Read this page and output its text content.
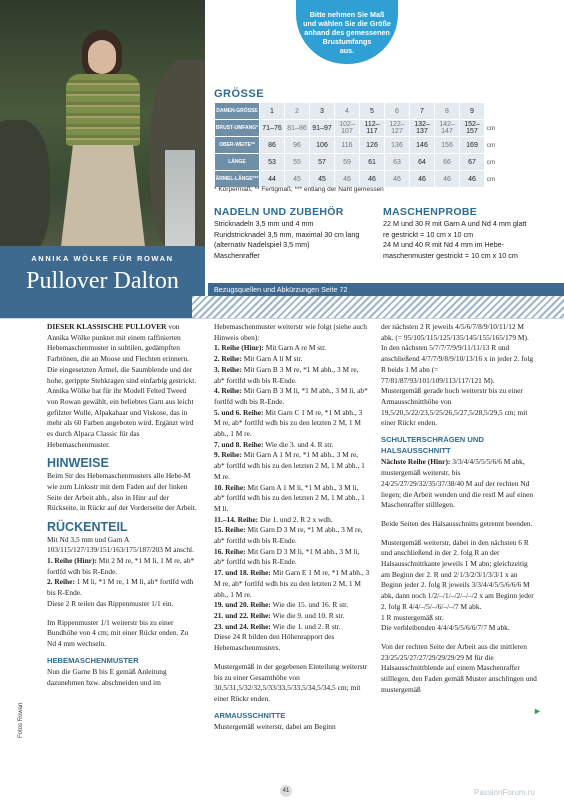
ANNIKA WÖLKE FÜR ROWAN
Pullover Dalton
Bitte nehmen Sie Maß
und wählen Sie die Größe
anhand des gemessenen
Brustumfangs
aus.
GRÖSSE
DAMEN-GRÖSSE	1	2	3	4	5	6	7	8	9	
BRUST-UMFANG*	71–76	81–86	91–97	102–107	112–117	122–127	132–137	142–147	152–157	cm
OBER-WEITE**	86	96	106	116	126	136	146	156	169	cm
LÄNGE	53	55	57	59	61	63	64	66	67	cm
ÄRMEL-LÄNGE***	44	45	45	46	46	46	46	46	46	cm
* Körpermaß; ** Fertigmaß; *** entlang der Naht gemessen
NADELN UND ZUBEHÖR
Stricknadeln 3,5 mm und 4 mm
Rundstricknadel 3,5 mm, maximal 30 cm lang
(alternativ Nadelspiel 3,5 mm)
Maschenraffer
MASCHENPROBE
22 M und 30 R mit Garn A und Nd 4 mm glatt
re gestrickt = 10 cm x 10 cm
24 M und 40 R mit Nd 4 mm im Hebe-
maschenmuster gestrickt = 10 cm x 10 cm
Bezugsquellen und Abkürzungen Seite 72

DIESER KLASSISCHE PULLOVER von Annika Wölke punktet mit einem raffinierten Hebemaschenmuster in subtilen, gedämpften Farbtönen, die an Moose und Flechten erinnern. Die eingesetzten Ärmel, die Saumblende und der hohe, gerippte Stehkragen sind einfarbig gestrickt. Annika Wölke hat für ihr Modell Felted Tweed von Rowan gewählt, ein beliebtes Garn aus leicht gefilzter Wolle, Alpakahaar und Viskose, das in mehr als 60 Farben angeboten wird. Ergänzt wird es durch Alpaca Classic für das Hebemaschenmuster.

HINWEISE

Beim Str des Hebemaschenmusters alle Hebe-M wie zum Linksstr mit dem Faden auf der linken Seite der Arbeit abh., also in Hinr auf der Rückseite, in Rückr auf der Vorderseite der Arbeit.

RÜCKENTEIL

Mit Nd 3,5 mm und Garn A 103/115/127/139/151/163/175/187/203 M anschl.

1. Reihe (Hinr): Mit 2 M re, *1 M li, 1 M re, ab* fortlfd wdh bis R-Ende.

2. Reihe: 1 M li, *1 M re, 1 M li, ab* fortlfd wdh bis R-Ende.

Diese 2 R teilen das Rippenmuster 1/1 ein.

Im Rippenmuster 1/1 weiterstr bis zu einer Bundhöhe von 4 cm; mit einer Rückr enden. Zu Nd 4 mm wechseln.

HEBEMASCHENMUSTER

Nun die Garne B bis E gemäß Anleitung dazunehmen bzw. abschneiden und im

Hebemaschenmuster weiterstr wie folgt (siehe auch Hinweis oben):

1. Reihe (Hinr): Mit Garn A re M str.

2. Reihe: Mit Garn A li M str.

3. Reihe: Mit Garn B 3 M re, *1 M abh., 3 M re, ab* fortlfd wdh bis R-Ende.

4. Reihe: Mit Garn B 3 M li, *1 M abh., 3 M li, ab* fortlfd wdh bis R-Ende.

5. und 6. Reihe: Mit Garn C 1 M re, *1 M abh., 3 M re, ab* fortlfd wdh bis zu den letzten 2 M, 1 M abh., 1 M re.

7. und 8. Reihe: Wie die 3. und 4. R str.

9. Reihe: Mit Garn A 1 M re, *1 M abh., 3 M re, ab* fortlfd wdh bis zu den letzten 2 M, 1 M abh., 1 M re.

10. Reihe: Mit Garn A 1 M li, *1 M abh., 3 M li, ab* fortlfd wdh bis zu den letzten 2 M, 1 M abh., 1 M li.

11.–14. Reihe: Die 1. und 2. R 2 x wdh.

15. Reihe: Mit Garn D 3 M re, *1 M abh., 3 M re, ab* fortlfd wdh bis R-Ende.

16. Reihe: Mit Garn D 3 M li, *1 M abh., 3 M li, ab* fortlfd wdh bis R-Ende.

17. und 18. Reihe: Mit Garn E 1 M re, *1 M abh., 3 M re, ab* fortlfd wdh bis zu den letzten 2 M, 1 M abh., 1 M re.

19. und 20. Reihe: Wie die 15. und 16. R str.

21. und 22. Reihe: Wie die 9. und 10. R str.

23. und 24. Reihe: Wie die 1. und 2. R str.

Diese 24 R bilden den Höhenrapport des Hebemaschenmusters.

Mustergemäß in der gegebenen Einteilung weiterstr bis zu einer Gesamthöhe von 30,5/31,5/32/32,5/33/33,5/33,5/34,5/34,5 cm; mit einer Rückr enden.

ARMAUSSCHNITTE

Mustergemäß weiterstr, dabei am Beginn

der nächsten 2 R jeweils 4/5/6/7/8/9/10/11/12 M abk. (= 95/105/115/125/135/145/155/165/179 M).

In den nächsten 5/7/7/7/9/9/11/11/13 R und anschließend 4/7/7/9/8/9/10/13/16 x in jeder 2. folg R beids 1 M abn (= 77/81/87/93/101/109/113/117/121 M).

Mustergemäß gerade hoch weiterstr bis zu einer Armausschnitthöhe von 19,5/20,5/22/23,5/25/26,5/27,5/28,5/29,5 cm; mit einer Rückr enden.

SCHULTERSCHRÄGEN UND HALSAUSSCHNITT

Nächste Reihe (Hinr): 3/3/4/4/5/5/5/6/6 M abk, mustergemäß weiterstr, bis 24/25/27/29/32/35/37/38/40 M auf der rechten Nd liegen; die Arbeit wenden und die restl M auf einen Maschenraffer stilllegen.

Beide Seiten des Halsausschnitts getrennt beenden.

Mustergemäß weiterstr, dabei in den nächsten 6 R und anschließend in der 2. folg R an der Halsausschnittkante jeweils 1 M abn; gleichzeitig am Beginn der 2. R und 2/1/3/2/3/1/3/3/1 x an Beginn jeder 2. folg R jeweils 3/3/4/4/5/5/6/6/6 M abk, dann noch 1/2/–/1/–/2/–/–/2 x am Beginn jeder 2. folg R 4/4/–/5/–/6/–/–/7 M abk.

1 R mustergemäß str.

Die verbleibenden 4/4/4/5/5/6/6/7/7 M abk.

Von der rechten Seite der Arbeit aus die mittleren 23/25/25/27/27/29/29/29/29 M für die Halsausschnittblende auf einem Maschenraffer stilllegen, den Faden gemäß Muster anschlingen und mustergemäß

►
Fotos Rowan
41	PassionForum.ru
